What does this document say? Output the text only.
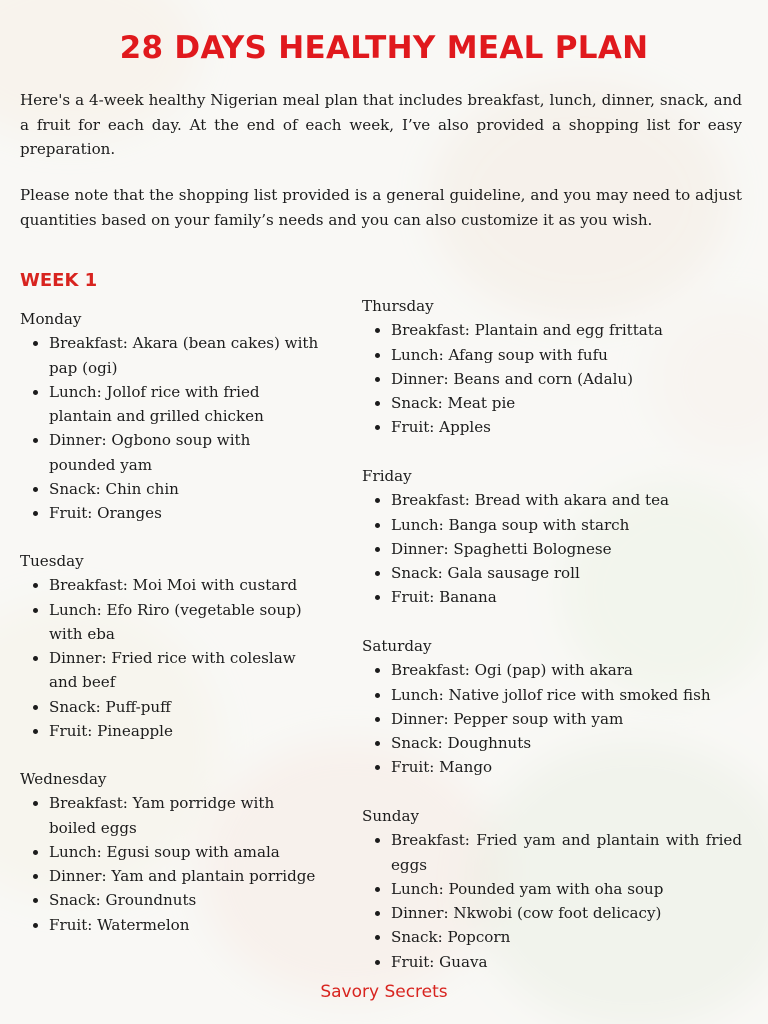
28 DAYS HEALTHY MEAL PLAN

Here's a 4-week healthy Nigerian meal plan that includes breakfast, lunch, dinner, snack, and a fruit for each day. At the end of each week, I’ve also provided a shopping list for easy preparation.

Please note that the shopping list provided is a general guideline, and you may need to adjust quantities based on your family’s needs and you can also customize it as you wish.

WEEK 1

Monday

• Breakfast: Akara (bean cakes) with pap (ogi)
• Lunch: Jollof rice with fried plantain and grilled chicken
• Dinner: Ogbono soup with pounded yam
• Snack: Chin chin
• Fruit: Oranges

Tuesday

• Breakfast: Moi Moi with custard
• Lunch: Efo Riro (vegetable soup) with eba
• Dinner: Fried rice with coleslaw and beef
• Snack: Puff-puff
• Fruit: Pineapple

Wednesday

• Breakfast: Yam porridge with boiled eggs
• Lunch: Egusi soup with amala
• Dinner: Yam and plantain porridge
• Snack: Groundnuts
• Fruit: Watermelon

Thursday

• Breakfast: Plantain and egg frittata
• Lunch: Afang soup with fufu
• Dinner: Beans and corn (Adalu)
• Snack: Meat pie
• Fruit: Apples

Friday

• Breakfast: Bread with akara and tea
• Lunch: Banga soup with starch
• Dinner: Spaghetti Bolognese
• Snack: Gala sausage roll
• Fruit: Banana

Saturday

• Breakfast: Ogi (pap) with akara
• Lunch: Native jollof rice with smoked fish
• Dinner: Pepper soup with yam
• Snack: Doughnuts
• Fruit: Mango

Sunday

• Breakfast: Fried yam and plantain with fried eggs
• Lunch: Pounded yam with oha soup
• Dinner: Nkwobi (cow foot delicacy)
• Snack: Popcorn
• Fruit: Guava
Savory Secrets
